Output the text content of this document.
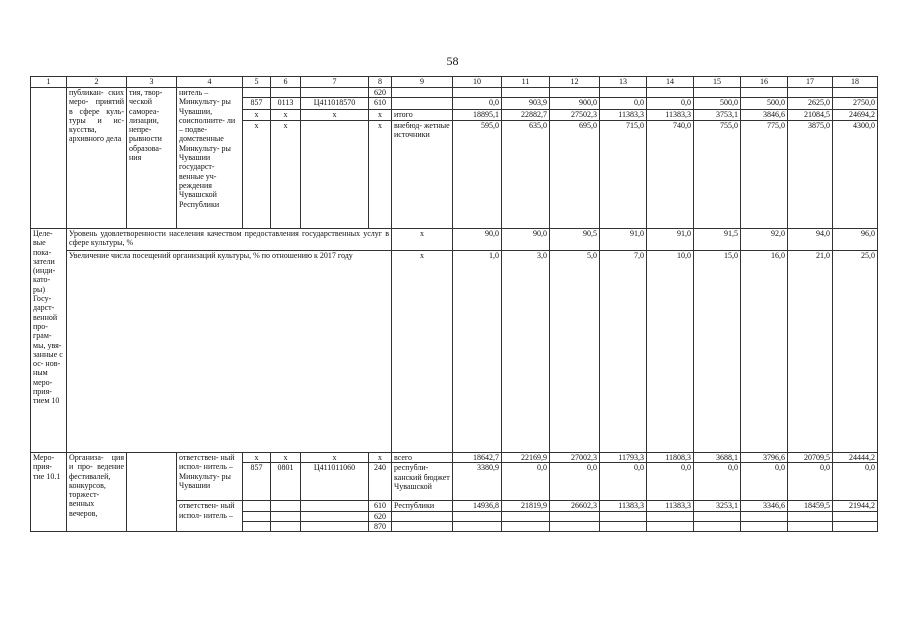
58
1	2	3	4	5	6	7	8	9	10	11	12	13	14	15	16	17	18
	публикан- ских меро- приятий в сфере куль- туры и ис- кусства, архивного дела	тия, твор- ческой самореа- лизации, непре- рывности образова- ния	нитель – Минкульту- ры Чувашии, соисполните- ли – подве- домственные Минкульту- ры Чувашии государст- венные уч- реждения Чувашской Республики				620										
				857	0113	Ц411018570	610		0,0	903,9	900,0	0,0	0,0	500,0	500,0	2625,0	2750,0
				x	x	x	x	итого	18895,1	22882,7	27502,3	11383,3	11383,3	3753,1	3846,6	21084,5	24694,2
				x	x		x	внебюд- жетные источники	595,0	635,0	695,0	715,0	740,0	755,0	775,0	3875,0	4300,0
Целе- вые пока- затели (инди- като- ры) Госу- дарст- венной про- грам- мы, увя- занные с ос- нов- ным меро- прия- тием 10	Уровень удовлетворенности населения качеством предоставления государственных услуг в сфере культуры, %							x	90,0	90,0	90,5	91,0	91,0	91,5	92,0	94,0	96,0
	Увеличение числа посещений организаций культуры, % по отношению к 2017 году							x	1,0	3,0	5,0	7,0	10,0	15,0	16,0	21,0	25,0
Меро- прия- тие 10.1	Организа- ция и про- ведение фестивалей, конкурсов, торжест- венных вечеров,		ответствен- ный испол- нитель – Минкульту- ры Чувашии	x	x	x	x	всего	18642,7	22169,9	27002,3	11793,3	11808,3	3688,1	3796,6	20709,5	24444,2
				857	0801	Ц411011060	240	республи- канский бюджет Чувашской	3380,9	0,0	0,0	0,0	0,0	0,0	0,0	0,0	0,0
			ответствен- ный испол- нитель –				610	Республики	14936,8	21819,9	26602,3	11383,3	11383,3	3253,1	3346,6	18459,5	21944,2
							620										
							870										
